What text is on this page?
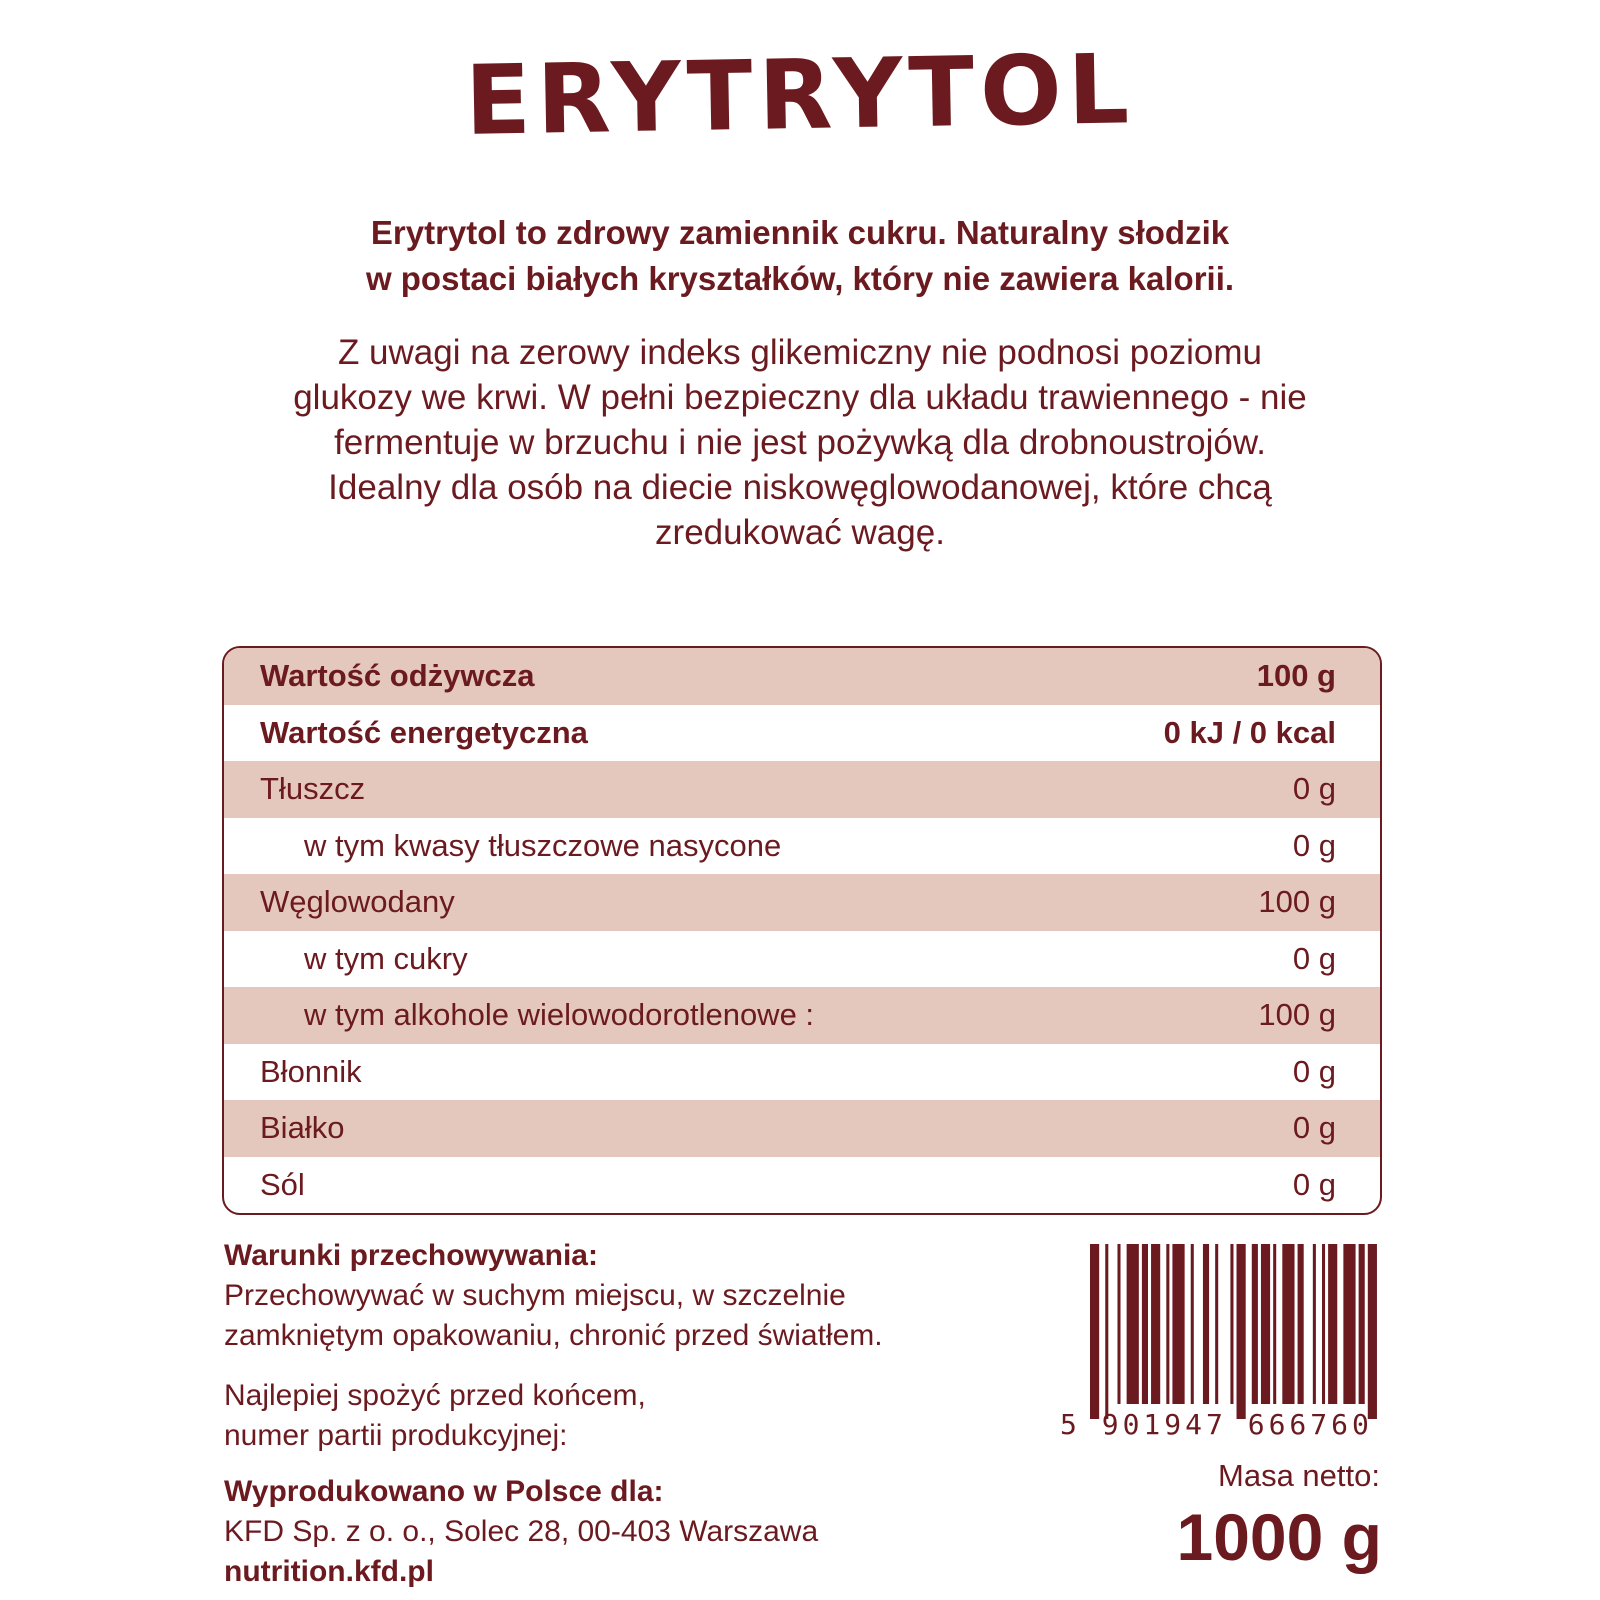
ERYTRYTOL
Erytrytol to zdrowy zamiennik cukru. Naturalny słodzik
w postaci białych kryształków, który nie zawiera kalorii.
Z uwagi na zerowy indeks glikemiczny nie podnosi poziomu
glukozy we krwi. W pełni bezpieczny dla układu trawiennego - nie
fermentuje w brzuchu i nie jest pożywką dla drobnoustrojów.
Idealny dla osób na diecie niskowęglowodanowej, które chcą
zredukować wagę.
Wartość odżywcza	100 g
Wartość energetyczna	0 kJ / 0 kcal
Tłuszcz	0 g
w tym kwasy tłuszczowe nasycone	0 g
Węglowodany	100 g
w tym cukry	0 g
w tym alkohole wielowodorotlenowe :	100 g
Błonnik	0 g
Białko	0 g
Sól	0 g
Warunki przechowywania:
Przechowywać w suchym miejscu, w szczelnie
zamkniętym opakowaniu, chronić przed światłem.
Najlepiej spożyć przed końcem,
numer partii produkcyjnej:
Wyprodukowano w Polsce dla:
KFD Sp. z o. o., Solec 28, 00-403 Warszawa
nutrition.kfd.pl
5 901947 666760
Masa netto:
1000 g
